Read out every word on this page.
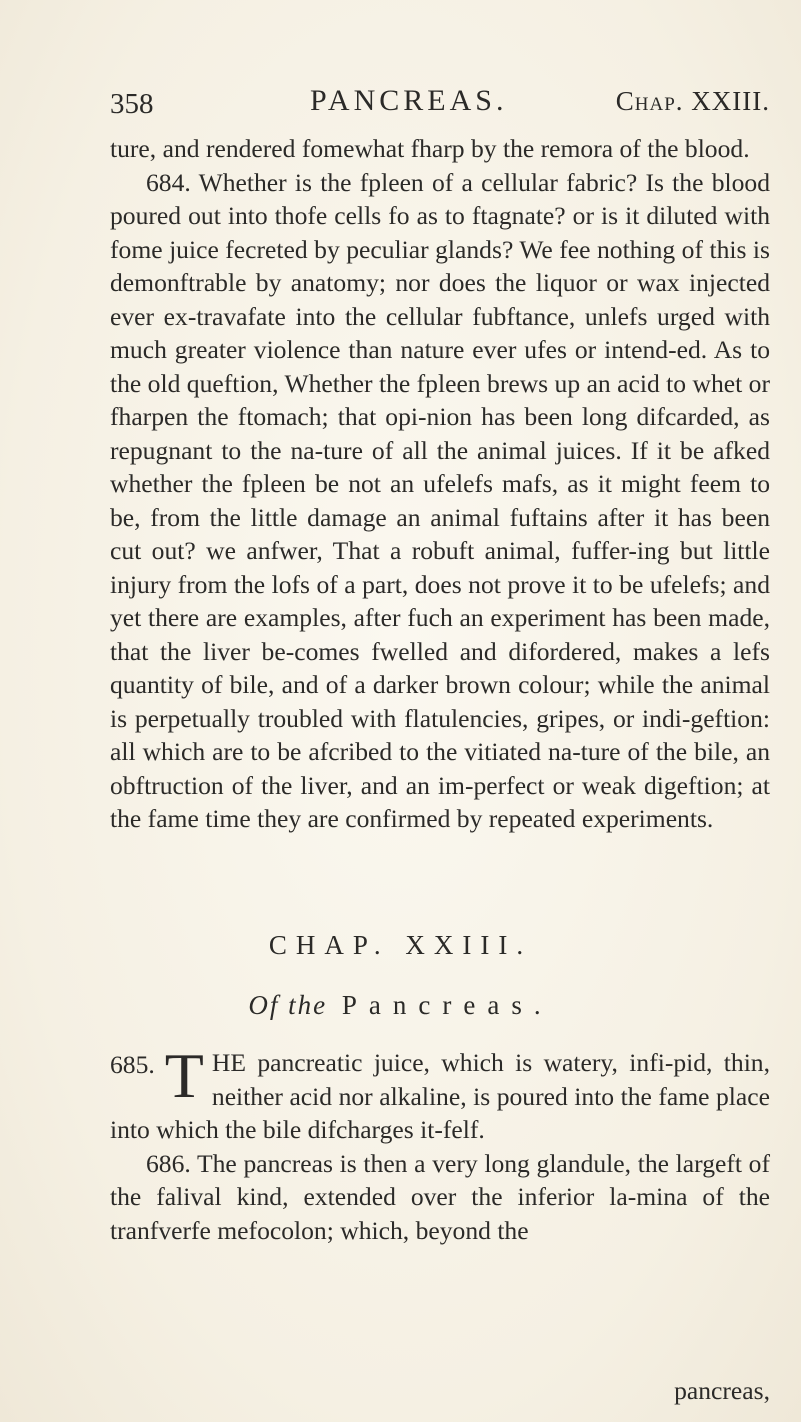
358	PANCREAS.	Chap. XXIII.

ture, and rendered fomewhat fharp by the remora of the blood.

684. Whether is the fpleen of a cellular fabric? Is the blood poured out into thofe cells fo as to ftagnate? or is it diluted with fome juice fecreted by peculiar glands? We fee nothing of this is demonftrable by anatomy; nor does the liquor or wax injected ever ex-travafate into the cellular fubftance, unlefs urged with much greater violence than nature ever ufes or intend-ed. As to the old queftion, Whether the fpleen brews up an acid to whet or fharpen the ftomach; that opi-nion has been long difcarded, as repugnant to the na-ture of all the animal juices. If it be afked whether the fpleen be not an ufelefs mafs, as it might feem to be, from the little damage an animal fuftains after it has been cut out? we anfwer, That a robuft animal, fuffer-ing but little injury from the lofs of a part, does not prove it to be ufelefs; and yet there are examples, after fuch an experiment has been made, that the liver be-comes fwelled and difordered, makes a lefs quantity of bile, and of a darker brown colour; while the animal is perpetually troubled with flatulencies, gripes, or indi-geftion: all which are to be afcribed to the vitiated na-ture of the bile, an obftruction of the liver, and an im-perfect or weak digeftion; at the fame time they are confirmed by repeated experiments.

CHAP. XXIII.
Of the Pancreas.

685. T HE pancreatic juice, which is watery, infi-pid, thin, neither acid nor alkaline, is poured into the fame place into which the bile difcharges it-felf.

686. The pancreas is then a very long glandule, the largeft of the falival kind, extended over the inferior la-mina of the tranfverfe mefocolon; which, beyond the

pancreas,
